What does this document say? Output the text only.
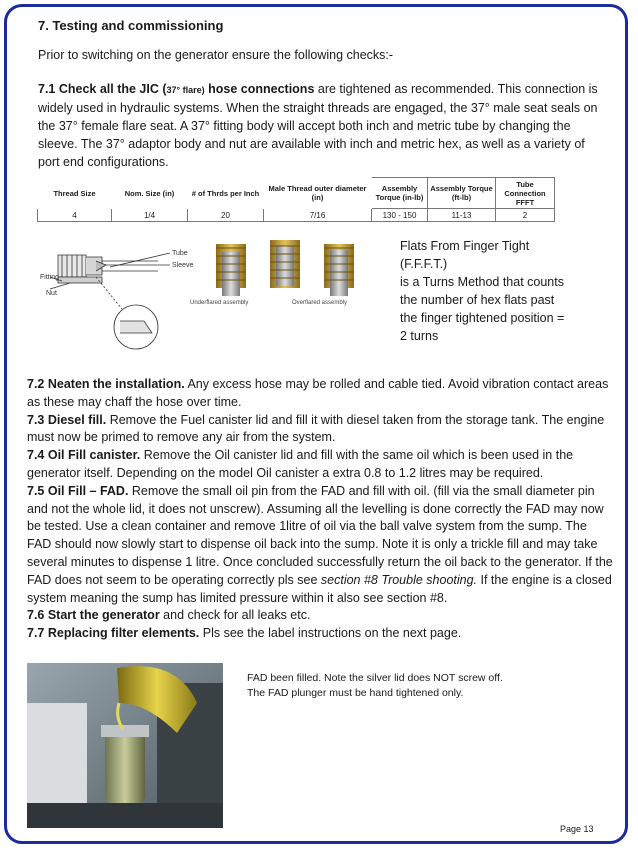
7. Testing and commissioning
Prior to switching on the generator ensure the following checks:-
7.1 Check all the JIC (37° flare) hose connections are tightened as recommended. This connection is widely used in hydraulic systems. When the straight threads are engaged, the 37° male seat seals on the 37° female flare seat. A 37° fitting body will accept both inch and metric tube by changing the sleeve. The 37° adaptor body and nut are available with inch and metric hex, as well as a variety of port end configurations.
Thread Size	Nom. Size (in)	# of Thrds per Inch	Male Thread outer diameter (in)	Assembly Torque (in-lb)	Assembly Torque (ft-lb)	Tube Connection FFFT
4	1/4	20	7/16	130 - 150	11-13	2
Fitting
Nut
Tube
Sleeve
Underflared assembly	Overflared assembly

Flats From Finger Tight

(F.F.F.T.)

is a Turns Method that counts

the number of hex flats past

the finger tightened position =

2 turns

7.2 Neaten the installation. Any excess hose may be rolled and cable tied. Avoid vibration contact areas as these may chaff the hose over time.

7.3 Diesel fill. Remove the Fuel canister lid and fill it with diesel taken from the storage tank. The engine must now be primed to remove any air from the system.

7.4 Oil Fill canister. Remove the Oil canister lid and fill with the same oil which is been used in the generator itself. Depending on the model Oil canister a extra 0.8 to 1.2 litres may be required.

7.5 Oil Fill – FAD. Remove the small oil pin from the FAD and fill with oil. (fill via the small diameter pin and not the whole lid, it does not unscrew). Assuming all the levelling is done correctly the FAD may now be tested. Use a clean container and remove 1litre of oil via the ball valve system from the sump. The FAD should now slowly start to dispense oil back into the sump. Note it is only a trickle fill and may take several minutes to dispense 1 litre. Once concluded successfully return the oil back to the generator. If the FAD does not seem to be operating correctly pls see section #8 Trouble shooting. If the engine is a closed system meaning the sump has limited pressure within it also see section #8.

7.6 Start the generator and check for all leaks etc.

7.7 Replacing filter elements. Pls see the label instructions on the next page.

FAD been filled. Note the silver lid does NOT screw off.

The FAD plunger must be hand tightened only.

Page 13
